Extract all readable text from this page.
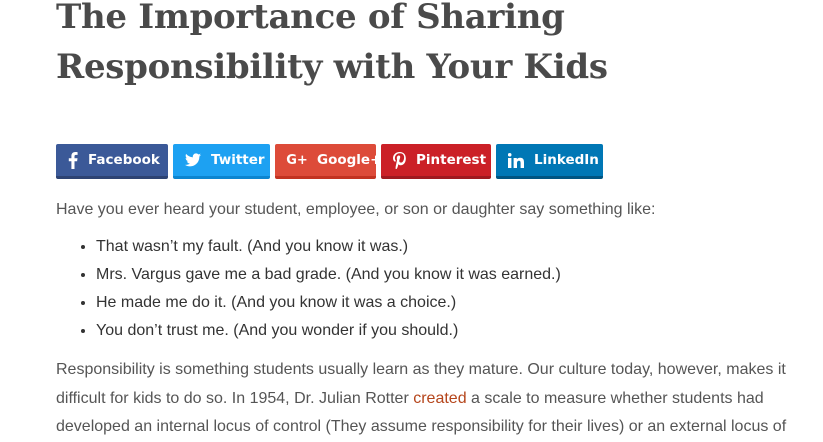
The Importance of Sharing Responsibility with Your Kids
Facebook	Twitter G+ Google+	Pinterest	LinkedIn

Have you ever heard your student, employee, or son or daughter say something like:

• That wasn’t my fault. (And you know it was.)
• Mrs. Vargus gave me a bad grade. (And you know it was earned.)
• He made me do it. (And you know it was a choice.)
• You don’t trust me. (And you wonder if you should.)

Responsibility is something students usually learn as they mature. Our culture today, however, makes it difficult for kids to do so. In 1954, Dr. Julian Rotter created a scale to measure whether students had developed an internal locus of control (They assume responsibility for their lives) or an external locus of
